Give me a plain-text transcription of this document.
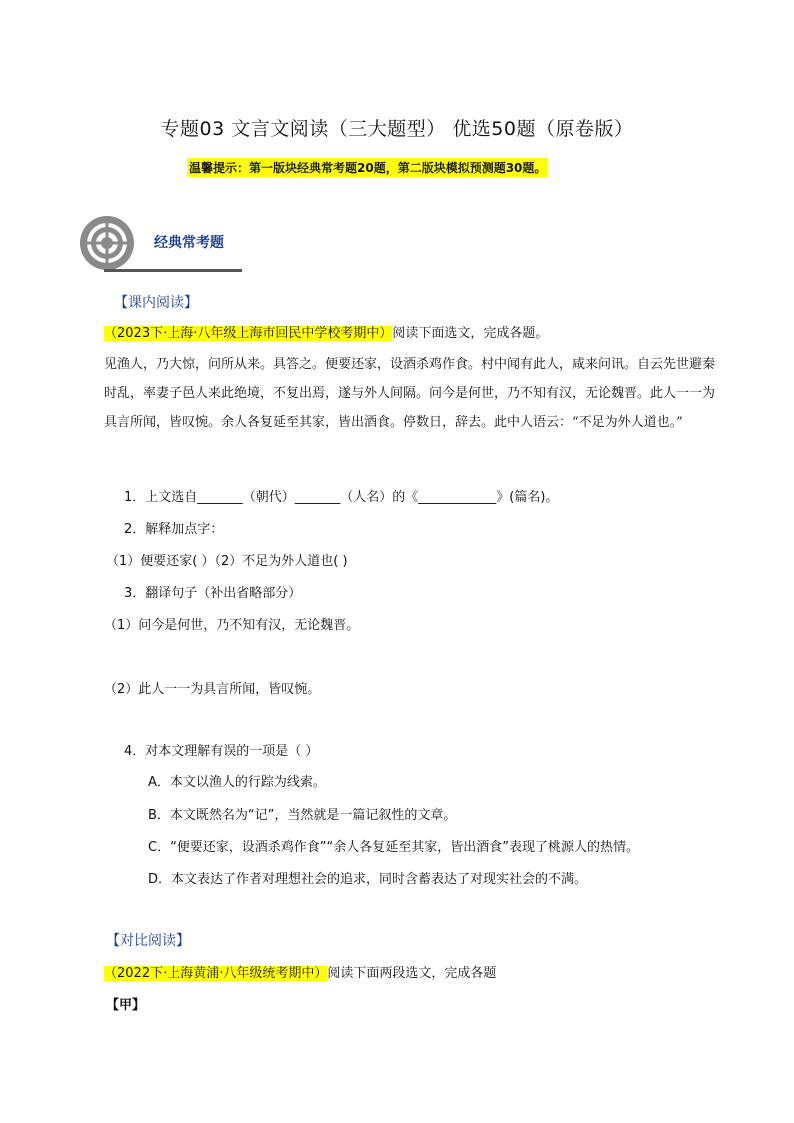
专题03 文言文阅读（三大题型） 优选50题（原卷版）
温馨提示：第一版块经典常考题20题，第二版块模拟预测题30题。
经典常考题
【课内阅读】
（2023下·上海·八年级上海市回民中学校考期中）阅读下面选文，完成各题。
见渔人，乃大惊，问所从来。具答之。便要还家，设酒杀鸡作食。村中闻有此人，咸来问讯。自云先世避秦时乱，率妻子邑人来此绝境，不复出焉，遂与外人间隔。问今是何世，乃不知有汉，无论魏晋。此人一一为具言所闻，皆叹惋。余人各复延至其家，皆出酒食。停数日，辞去。此中人语云：“不足为外人道也。”
1．上文选自_______（朝代）_______（人名）的《____________》(篇名)。
2．解释加点字：
（1）便要还家( ）（2）不足为外人道也( )
3．翻译句子（补出省略部分）
（1）问今是何世，乃不知有汉，无论魏晋。
（2）此人一一为具言所闻，皆叹惋。
4．对本文理解有误的一项是（ ）
A．本文以渔人的行踪为线索。
B．本文既然名为“记”，当然就是一篇记叙性的文章。
C．“便要还家，设酒杀鸡作食”“余人各复延至其家，皆出酒食”表现了桃源人的热情。
D．本文表达了作者对理想社会的追求，同时含蓄表达了对现实社会的不满。
【对比阅读】
（2022下·上海黄浦·八年级统考期中）阅读下面两段选文，完成各题
【甲】
